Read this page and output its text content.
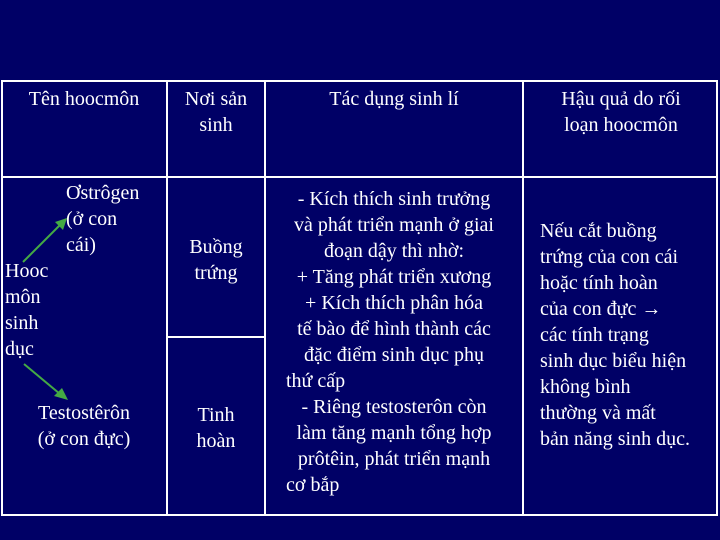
Tên hoocmôn	Nơi sản
sinh
Tác dụng sinh lí	Hậu quả do rối
loạn hoocmôn
Ơstrôgen
(ở con
cái)
Hooc
môn
sinh
dục
Testostêrôn
(ở con đực)
Buồng
trứng
Tinh
hoàn
- Kích thích sinh trưởng
và phát triển mạnh ở giai
đoạn dậy thì nhờ:
+ Tăng phát triển xương
+ Kích thích phân hóa
tế bào để hình thành các
đặc điểm sinh dục phụ
thứ cấp
- Riêng testosterôn còn
làm tăng mạnh tổng hợp
prôtêin, phát triển mạnh
cơ bắp
Nếu cắt buồng
trứng của con cái
hoặc tính hoàn
của con đực →
các tính trạng
sinh dục biểu hiện
không bình
thường và mất
bản năng sinh dục.
